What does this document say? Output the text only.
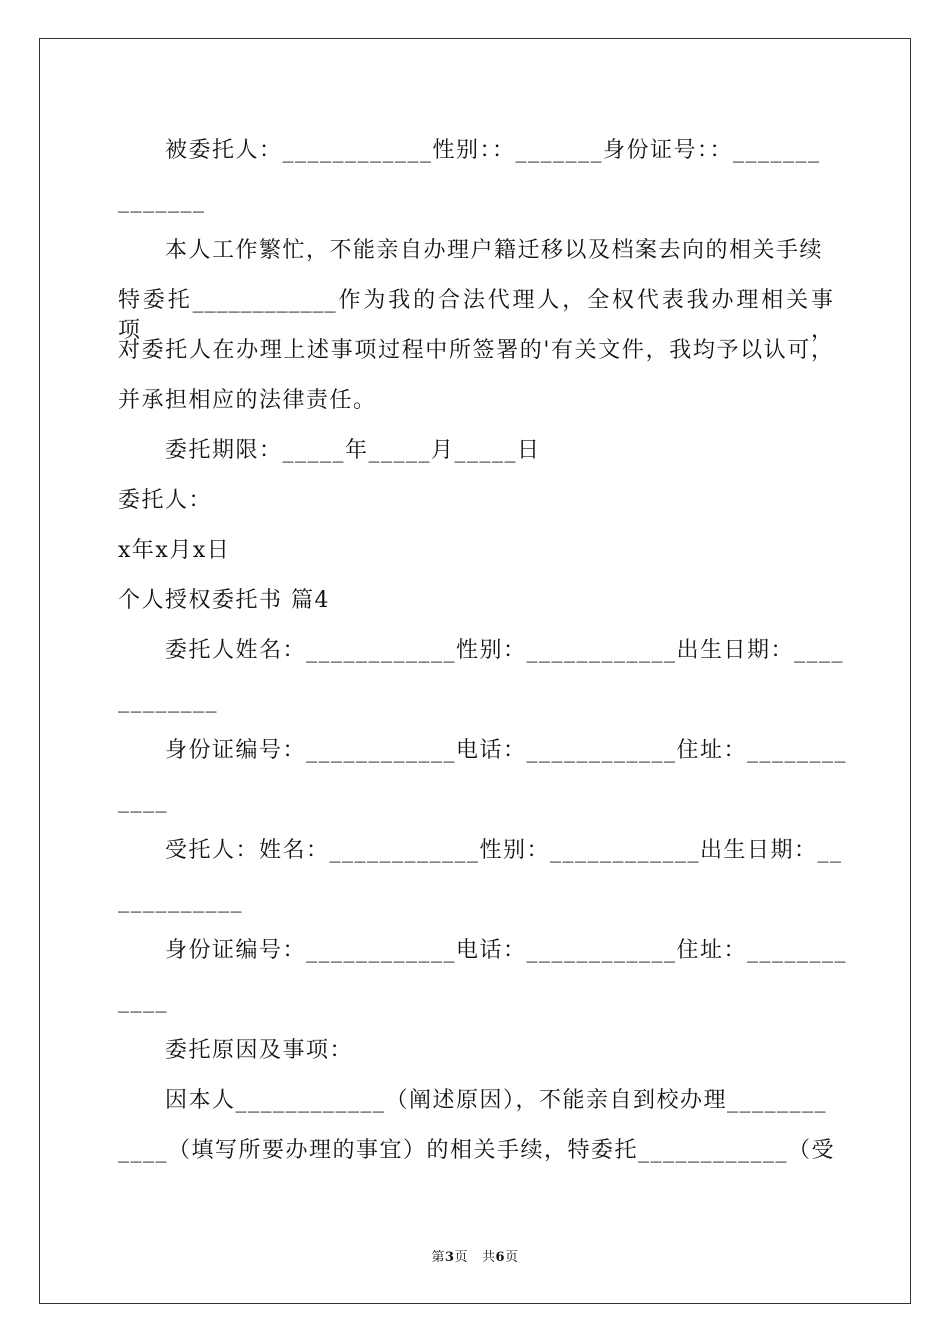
被委托人：____________性别：：_______身份证号：：_______
_______
本人工作繁忙，不能亲自办理户籍迁移以及档案去向的相关手续
特委托____________作为我的合法代理人，全权代表我办理相关事项，
对委托人在办理上述事项过程中所签署的'有关文件，我均予以认可，
并承担相应的法律责任。
委托期限：_____年_____月_____日
委托人：
x年x月x日
个人授权委托书 篇4
委托人姓名：____________性别：____________出生日期：____
________
身份证编号：____________电话：____________住址：________
____
受托人：姓名：____________性别：____________出生日期：__
__________
身份证编号：____________电话：____________住址：________
____
委托原因及事项：
因本人____________（阐述原因），不能亲自到校办理________
____（填写所要办理的事宜）的相关手续，特委托____________（受
第3页 共6页
